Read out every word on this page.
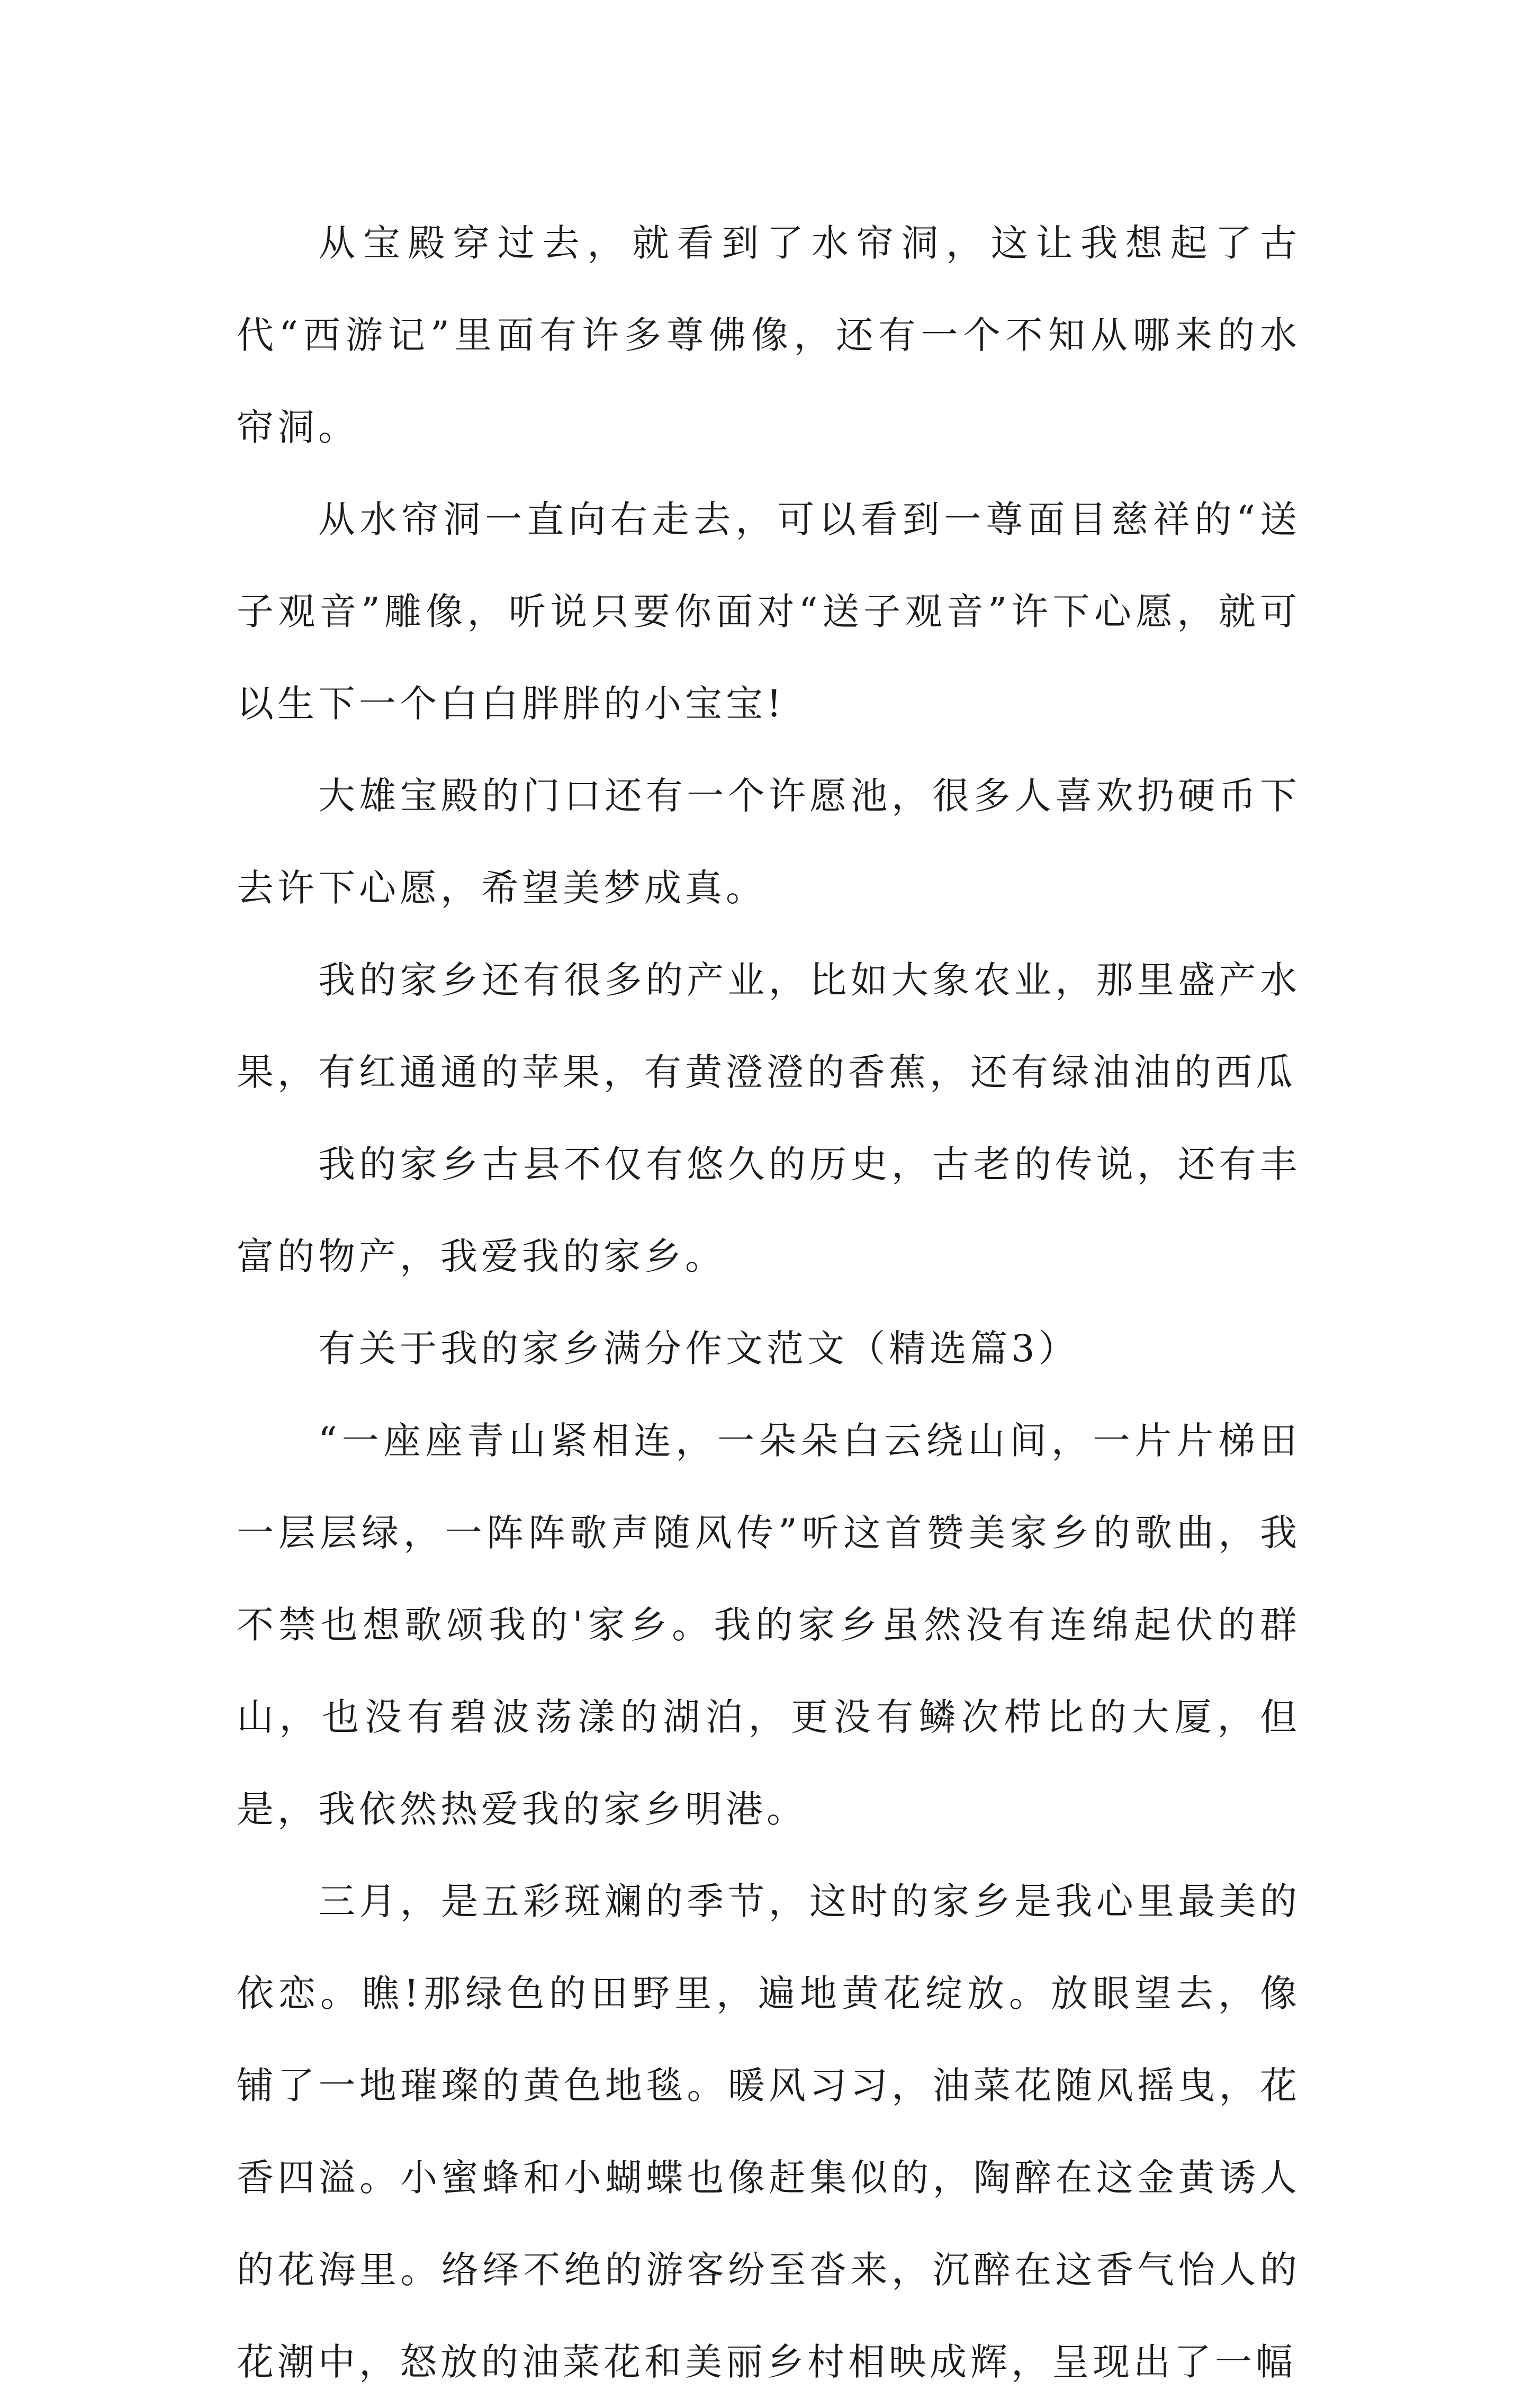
从宝殿穿过去，就看到了水帘洞，这让我想起了古代“西游记”里面有许多尊佛像，还有一个不知从哪来的水帘洞。

从水帘洞一直向右走去，可以看到一尊面目慈祥的“送子观音”雕像，听说只要你面对“送子观音”许下心愿，就可以生下一个白白胖胖的小宝宝!

大雄宝殿的门口还有一个许愿池，很多人喜欢扔硬币下去许下心愿，希望美梦成真。

我的家乡还有很多的产业，比如大象农业，那里盛产水果，有红通通的苹果，有黄澄澄的香蕉，还有绿油油的西瓜

我的家乡古县不仅有悠久的历史，古老的传说，还有丰富的物产，我爱我的家乡。

有关于我的家乡满分作文范文（精选篇3）

“一座座青山紧相连，一朵朵白云绕山间，一片片梯田一层层绿，一阵阵歌声随风传”听这首赞美家乡的歌曲，我不禁也想歌颂我的'家乡。我的家乡虽然没有连绵起伏的群山，也没有碧波荡漾的湖泊，更没有鳞次栉比的大厦，但是，我依然热爱我的家乡明港。

三月，是五彩斑斓的季节，这时的家乡是我心里最美的依恋。瞧!那绿色的田野里，遍地黄花绽放。放眼望去，像铺了一地璀璨的黄色地毯。暖风习习，油菜花随风摇曳，花香四溢。小蜜蜂和小蝴蝶也像赶集似的，陶醉在这金黄诱人的花海里。络绎不绝的游客纷至沓来，沉醉在这香气怡人的花潮中，怒放的油菜花和美丽乡村相映成辉，呈现出了一幅
